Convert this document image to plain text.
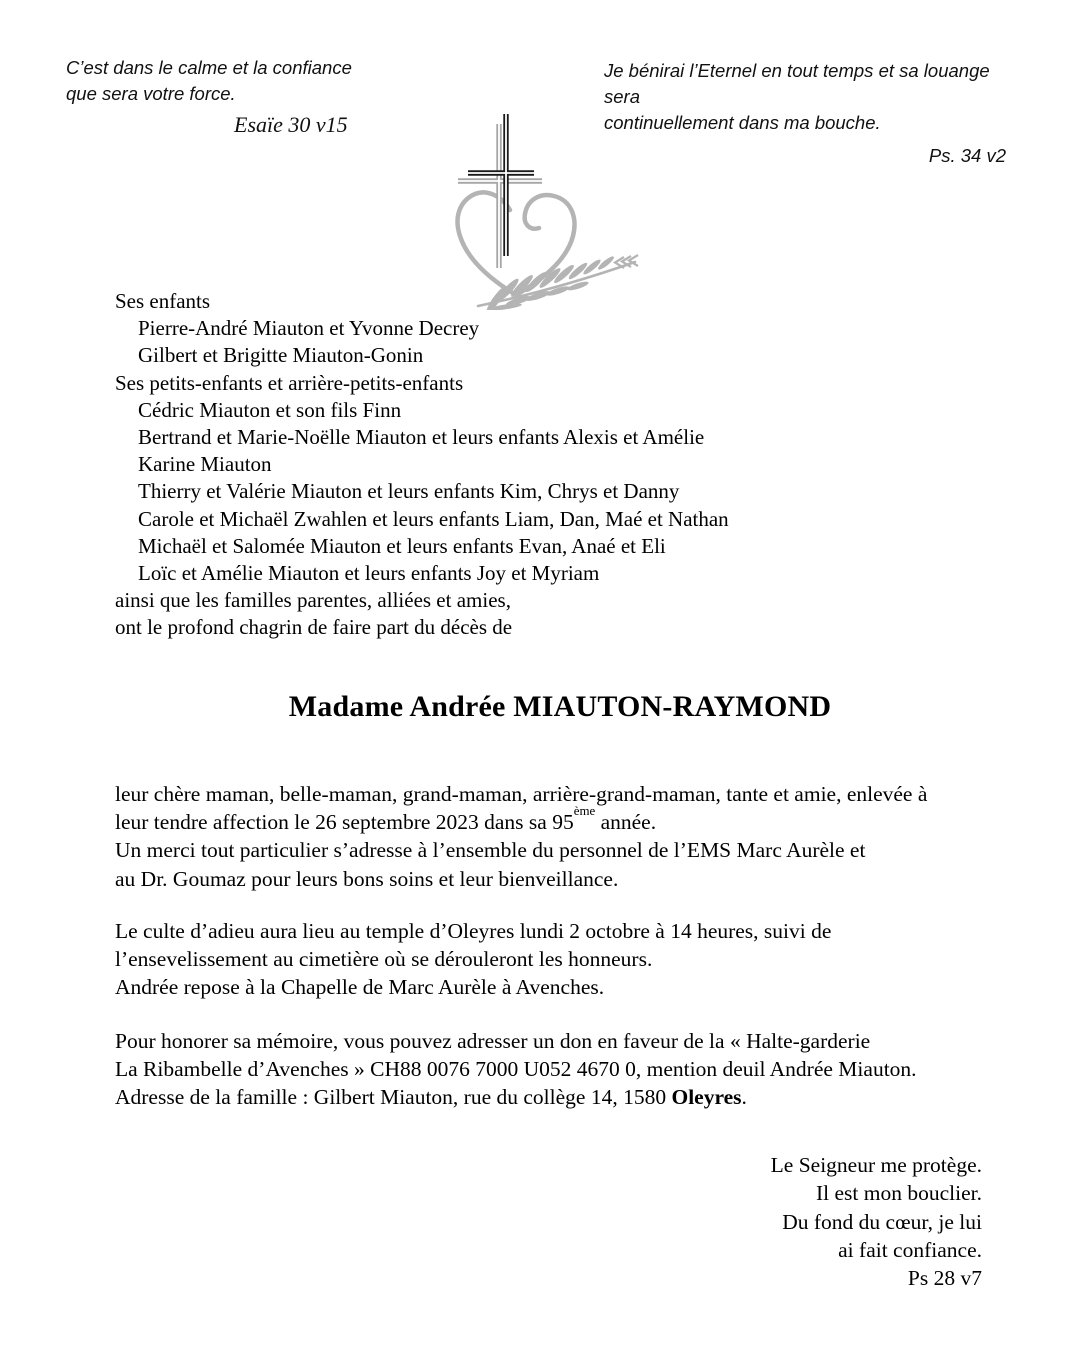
C’est dans le calme et la confiance
que sera votre force.
Esaïe 30 v15
Je bénirai l’Eternel en tout temps et sa louange sera
continuellement dans ma bouche.
Ps. 34 v2
Ses enfants
Pierre-André Miauton et Yvonne Decrey
Gilbert et Brigitte Miauton-Gonin
Ses petits-enfants et arrière-petits-enfants
Cédric Miauton et son fils Finn
Bertrand et Marie-Noëlle Miauton et leurs enfants Alexis et Amélie
Karine Miauton
Thierry et Valérie Miauton et leurs enfants Kim, Chrys et Danny
Carole et Michaël Zwahlen et leurs enfants Liam, Dan, Maé et Nathan
Michaël et Salomée Miauton et leurs enfants Evan, Anaé et Eli
Loïc et Amélie Miauton et leurs enfants Joy et Myriam
ainsi que les familles parentes, alliées et amies,
ont le profond chagrin de faire part du décès de
Madame Andrée MIAUTON-RAYMOND

leur chère maman, belle-maman, grand-maman, arrière-grand-maman, tante et amie, enlevée à

leur tendre affection le 26 septembre 2023 dans sa 95ème année.

Un merci tout particulier s’adresse à l’ensemble du personnel de l’EMS Marc Aurèle et

au Dr. Goumaz pour leurs bons soins et leur bienveillance.

Le culte d’adieu aura lieu au temple d’Oleyres lundi 2 octobre à 14 heures, suivi de

l’ensevelissement au cimetière où se dérouleront les honneurs.

Andrée repose à la Chapelle de Marc Aurèle à Avenches.

Pour honorer sa mémoire, vous pouvez adresser un don en faveur de la « Halte-garderie

La Ribambelle d’Avenches » CH88 0076 7000 U052 4670 0, mention deuil Andrée Miauton.

Adresse de la famille : Gilbert Miauton, rue du collège 14, 1580 Oleyres.

Le Seigneur me protège.
Il est mon bouclier.
Du fond du cœur, je lui
ai fait confiance.
Ps 28 v7
